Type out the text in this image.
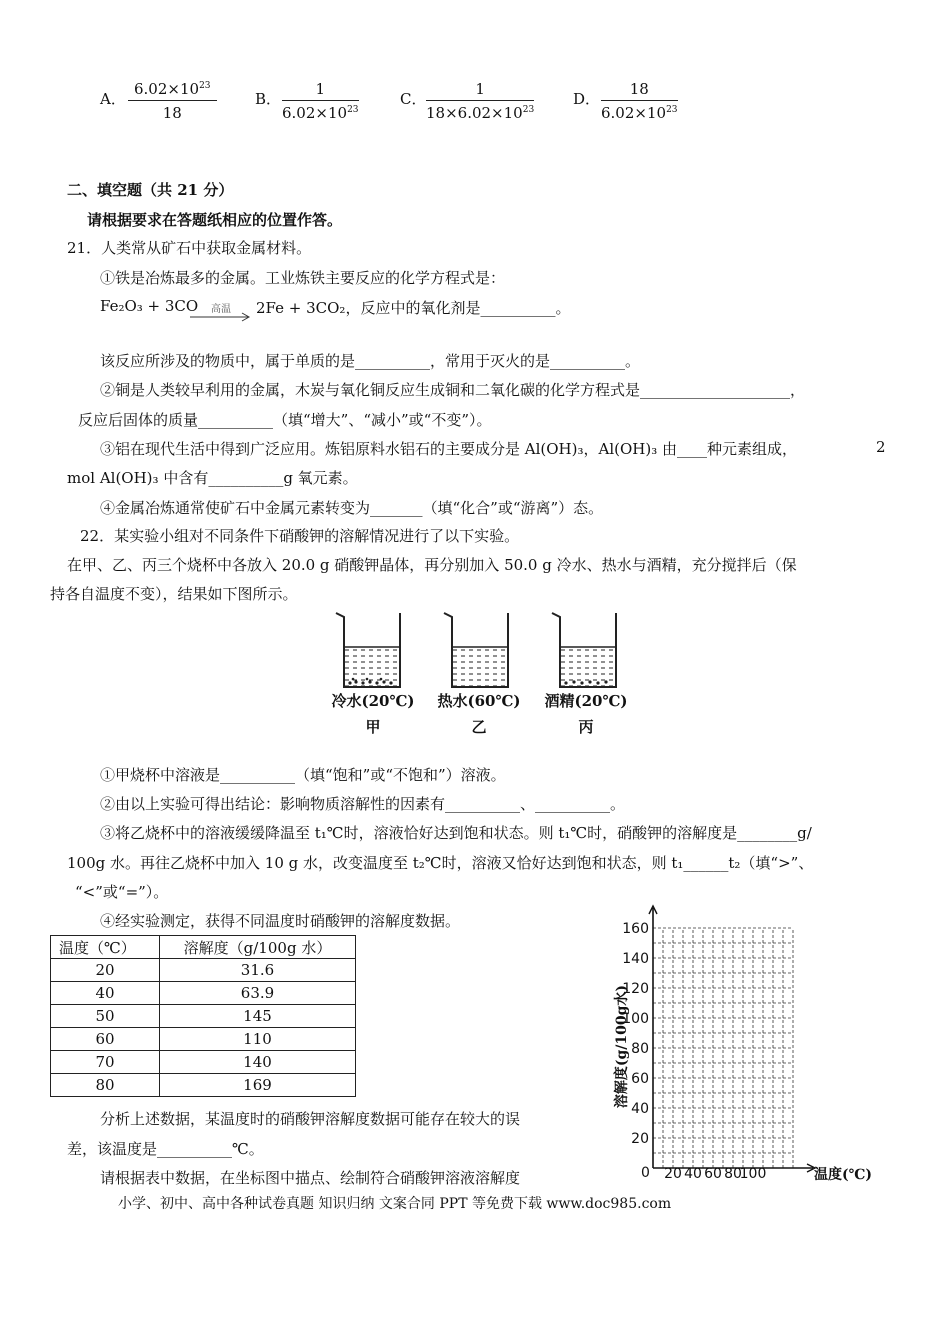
A． $\frac{6.02\times 10^{23}}{18}$	B． $\frac{1}{6.02\times 10^{23}}$	C． $\frac{1}{18\times 6.02\times 10^{23}}$	D． $\frac{18}{6.02\times 10^{23}}$
二、填空题（共 21 分）
请根据要求在答题纸相应的位置作答。
21．人类常从矿石中获取金属材料。
①铁是冶炼最多的金属。工业炼铁主要反应的化学方程式是：
Fe₂O₃ + 3CO	高温	2Fe + 3CO₂，反应中的氧化剂是__________。
该反应所涉及的物质中，属于单质的是__________，常用于灭火的是__________。
②铜是人类较早利用的金属，木炭与氧化铜反应生成铜和二氧化碳的化学方程式是____________________，
反应后固体的质量__________（填“增大”、“减小”或“不变”）。
③铝在现代生活中得到广泛应用。炼铝原料水铝石的主要成分是 Al(OH)₃，Al(OH)₃ 由____种元素组成，	2
mol Al(OH)₃ 中含有__________g 氧元素。
④金属冶炼通常使矿石中金属元素转变为_______（填“化合”或“游离”）态。
22．某实验小组对不同条件下硝酸钾的溶解情况进行了以下实验。
在甲、乙、丙三个烧杯中各放入 20.0 g 硝酸钾晶体，再分别加入 50.0 g 冷水、热水与酒精，充分搅拌后（保
持各自温度不变），结果如下图所示。
冷水(20℃) 热水(60℃) 酒精(20℃)
甲	乙	丙
①甲烧杯中溶液是__________（填“饱和”或“不饱和”）溶液。
②由以上实验可得出结论：影响物质溶解性的因素有__________、__________。
③将乙烧杯中的溶液缓缓降温至 t₁℃时，溶液恰好达到饱和状态。则 t₁℃时，硝酸钾的溶解度是________g/
100g 水。再往乙烧杯中加入 10 g 水，改变温度至 t₂℃时，溶液又恰好达到饱和状态，则 t₁______t₂（填“>”、
“<”或“=”）。
④经实验测定，获得不同温度时硝酸钾的溶解度数据。
温度（℃）	溶解度（g/100g 水）
20	31.6
40	63.9
50	145
60	110
70	140
80	169
分析上述数据，某温度时的硝酸钾溶解度数据可能存在较大的误
差，该温度是__________℃。
请根据表中数据，在坐标图中描点、绘制符合硝酸钾溶液溶解度
20
40
60
80
100
120
140
160
20 40 60 80
100
溶解度(g/100g水)
温度(℃)
0
小学、初中、高中各种试卷真题 知识归纳 文案合同 PPT 等免费下载 www.doc985.com
